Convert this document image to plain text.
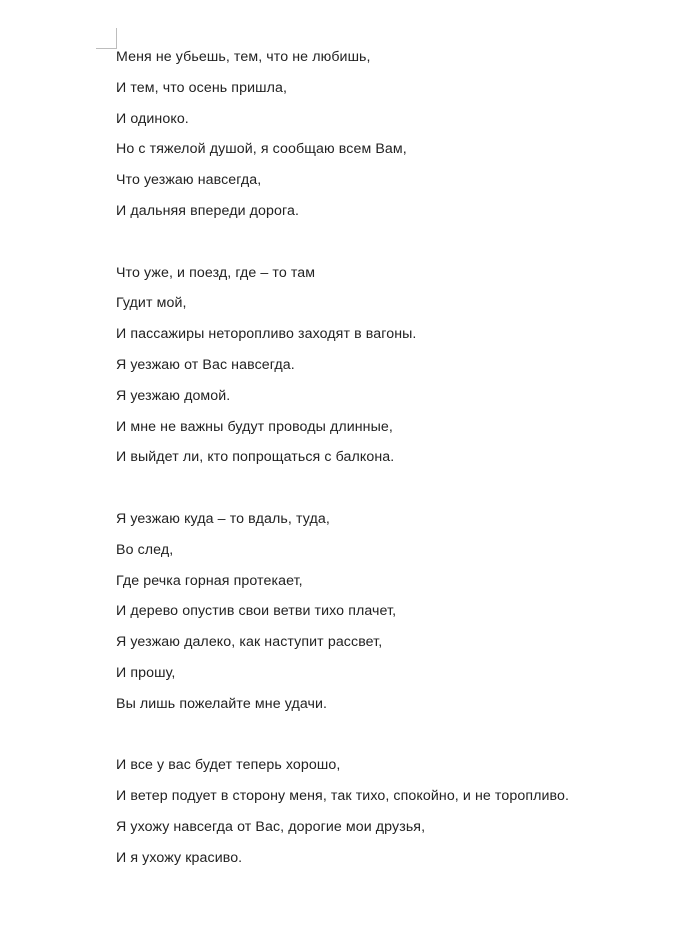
Меня не убьешь, тем, что не любишь,
И тем, что осень пришла,
И одиноко.
Но с тяжелой душой, я сообщаю всем Вам,
Что уезжаю навсегда,
И дальняя впереди дорога.
Что уже, и поезд, где – то там
Гудит мой,
И пассажиры неторопливо заходят в вагоны.
Я уезжаю от Вас навсегда.
Я уезжаю домой.
И мне не важны будут проводы длинные,
И выйдет ли, кто попрощаться с балкона.
Я уезжаю куда – то вдаль, туда,
Во след,
Где речка горная протекает,
И дерево опустив свои ветви тихо плачет,
Я уезжаю далеко, как наступит рассвет,
И прошу,
Вы лишь пожелайте мне удачи.
И все у вас будет теперь хорошо,
И ветер подует в сторону меня, так тихо, спокойно, и не торопливо.
Я ухожу навсегда от Вас, дорогие мои друзья,
И я ухожу красиво.
